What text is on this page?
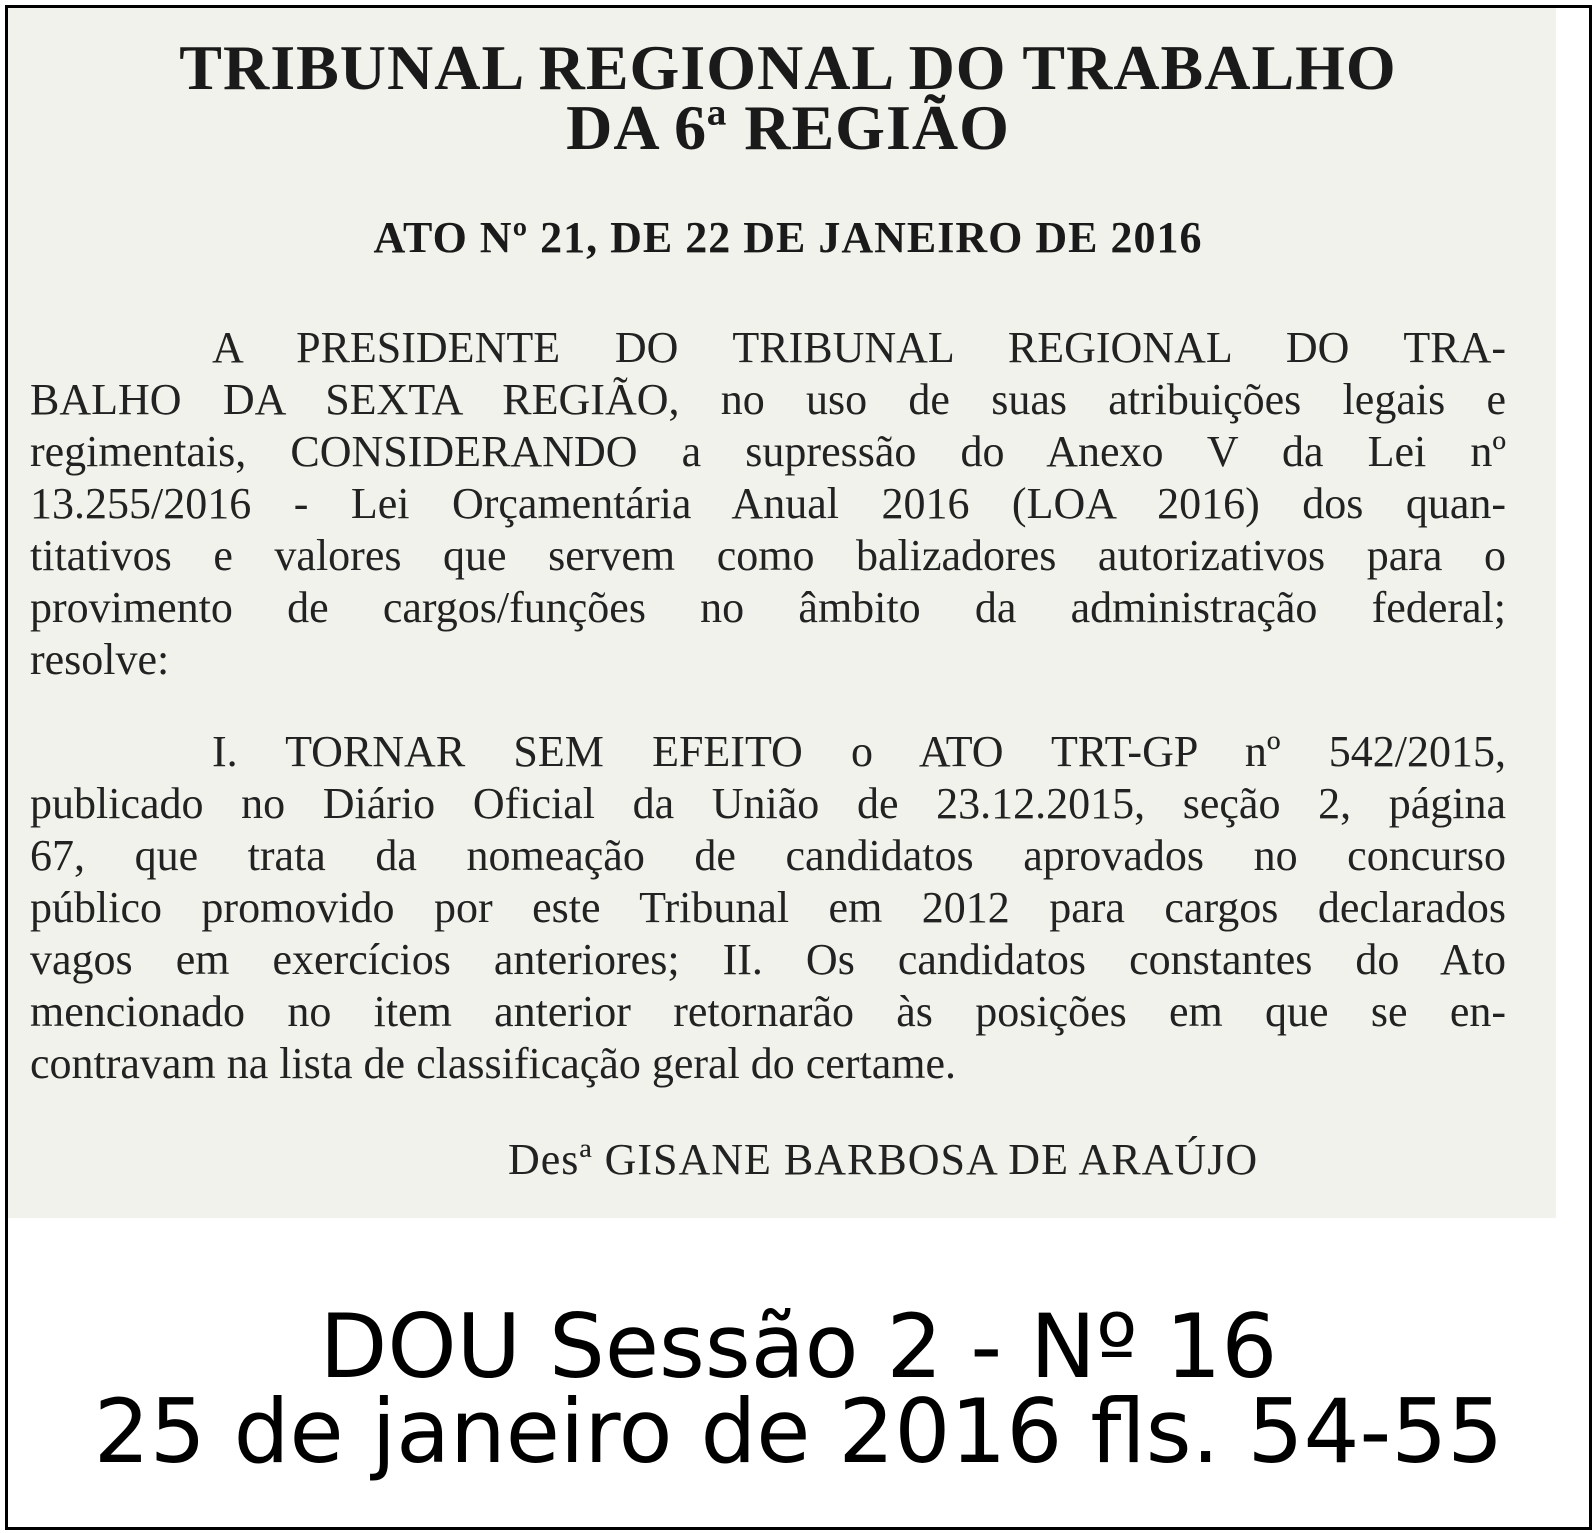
TRIBUNAL REGIONAL DO TRABALHO
DA 6ª REGIÃO
ATO Nº 21, DE 22 DE JANEIRO DE 2016
A PRESIDENTE DO TRIBUNAL REGIONAL DO TRA-
BALHO DA SEXTA REGIÃO, no uso de suas atribuições legais e
regimentais, CONSIDERANDO a supressão do Anexo V da Lei nº
13.255/2016 - Lei Orçamentária Anual 2016 (LOA 2016) dos quan-
titativos e valores que servem como balizadores autorizativos para o
provimento de cargos/funções no âmbito da administração federal;
resolve:
I. TORNAR SEM EFEITO o ATO TRT-GP nº 542/2015,
publicado no Diário Oficial da União de 23.12.2015, seção 2, página
67, que trata da nomeação de candidatos aprovados no concurso
público promovido por este Tribunal em 2012 para cargos declarados
vagos em exercícios anteriores; II. Os candidatos constantes do Ato
mencionado no item anterior retornarão às posições em que se en-
contravam na lista de classificação geral do certame.
Desª GISANE BARBOSA DE ARAÚJO
DOU Sessão 2 - Nº 16
25 de janeiro de 2016 fls. 54-55
